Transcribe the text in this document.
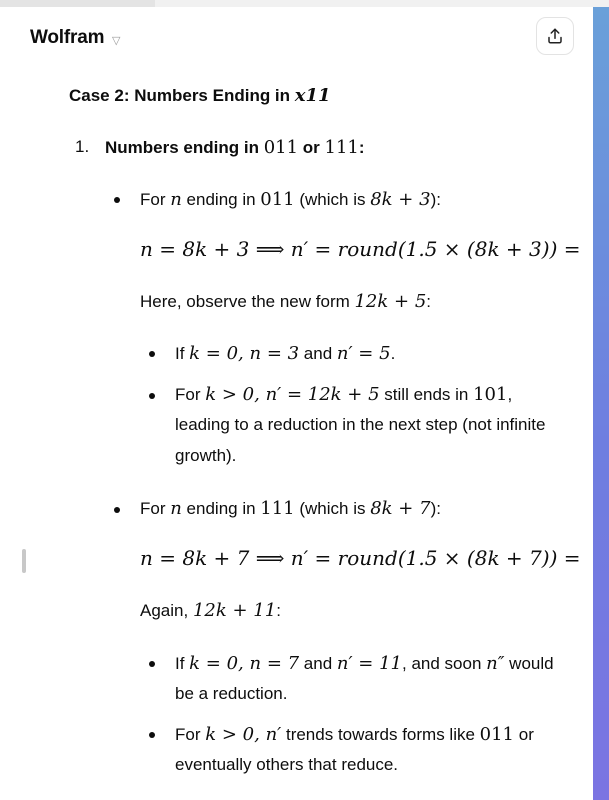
Wolfram ▽
Case 2: Numbers Ending in x11
1. Numbers ending in 011 or 111:
For n ending in 011 (which is 8k + 3):
n = 8k + 3 ⟹ n′ = round(1.5 × (8k + 3)) =
Here, observe the new form 12k + 5:
If k = 0, n = 3 and n′ = 5.
For k > 0, n′ = 12k + 5 still ends in 101,
leading to a reduction in the next step (not infinite
growth).
For n ending in 111 (which is 8k + 7):
n = 8k + 7 ⟹ n′ = round(1.5 × (8k + 7)) =
Again, 12k + 11:
If k = 0, n = 7 and n′ = 11, and soon n″ would
be a reduction.
For k > 0, n′ trends towards forms like 011 or
eventually others that reduce.
